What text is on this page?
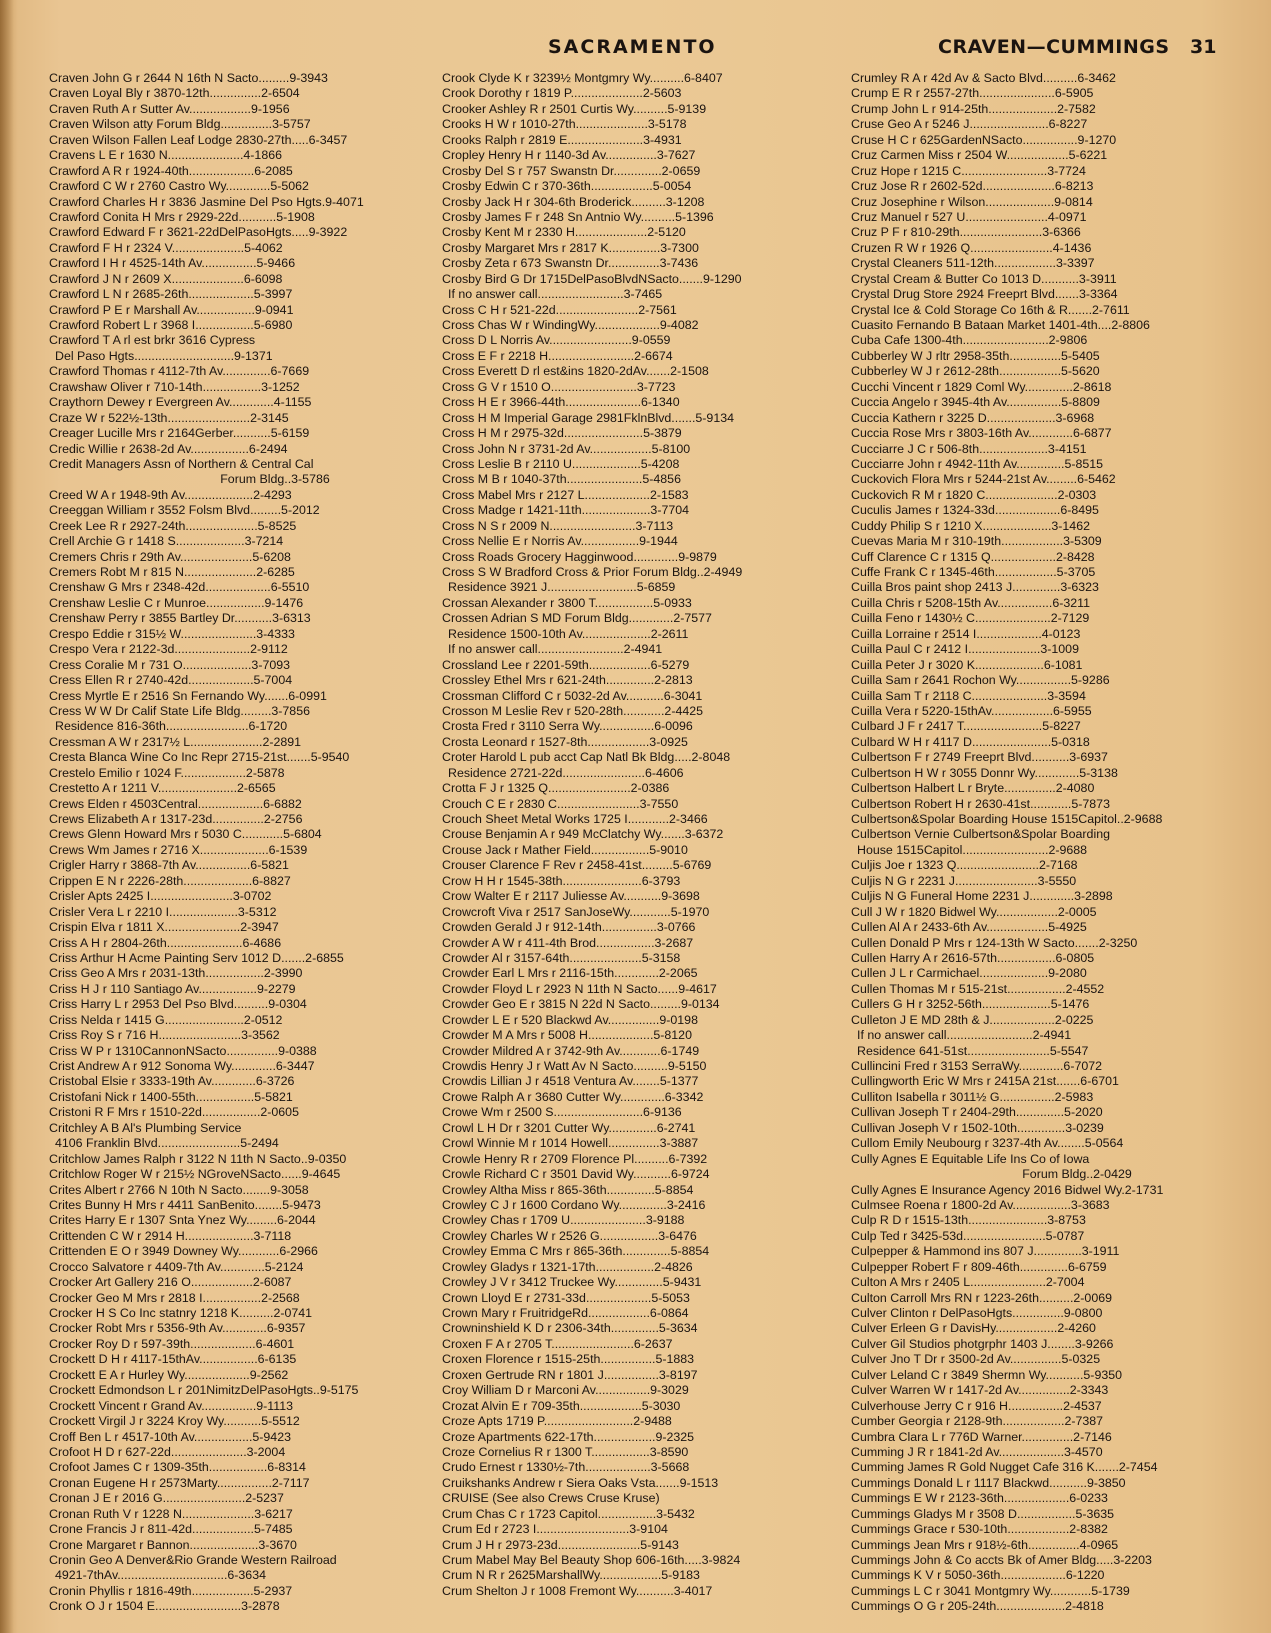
SACRAMENTO	CRAVEN—CUMMINGS 31
Craven John G r 2644 N 16th N Sacto.........9-3943
Craven Loyal Bly r 3870-12th...............2-6504
Craven Ruth A r Sutter Av..................9-1956
Craven Wilson atty Forum Bldg...............3-5757
Craven Wilson Fallen Leaf Lodge 2830-27th.....6-3457
Cravens L E r 1630 N......................4-1866
Crawford A R r 1924-40th...................6-2085
Crawford C W r 2760 Castro Wy.............5-5062
Crawford Charles H r 3836 Jasmine Del Pso Hgts.9-4071
Crawford Conita H Mrs r 2929-22d...........5-1908
Crawford Edward F r 3621-22dDelPasoHgts.....9-3922
Crawford F H r 2324 V.....................5-4062
Crawford I H r 4525-14th Av................5-9466
Crawford J N r 2609 X.....................6-6098
Crawford L N r 2685-26th...................5-3997
Crawford P E r Marshall Av.................9-0941
Crawford Robert L r 3968 I.................5-6980
Crawford T A rl est brkr 3616 Cypress
Del Paso Hgts.............................9-1371
Crawford Thomas r 4112-7th Av..............6-7669
Crawshaw Oliver r 710-14th.................3-1252
Craythorn Dewey r Evergreen Av.............4-1155
Craze W r 522½-13th........................2-3145
Creager Lucille Mrs r 2164Gerber...........5-6159
Credic Willie r 2638-2d Av.................6-2494
Credit Managers Assn of Northern & Central Cal
Forum Bldg..3-5786
Creed W A r 1948-9th Av....................2-4293
Creeggan William r 3552 Folsm Blvd.........5-2012
Creek Lee R r 2927-24th.....................5-8525
Crell Archie G r 1418 S....................3-7214
Cremers Chris r 29th Av.....................5-6208
Cremers Robt M r 815 N.....................2-6285
Crenshaw G Mrs r 2348-42d...................6-5510
Crenshaw Leslie C r Munroe.................9-1476
Crenshaw Perry r 3855 Bartley Dr...........3-6313
Crespo Eddie r 315½ W......................3-4333
Crespo Vera r 2122-3d......................2-9112
Cress Coralie M r 731 O....................3-7093
Cress Ellen R r 2740-42d...................5-7004
Cress Myrtle E r 2516 Sn Fernando Wy.......6-0991
Cress W W Dr Calif State Life Bldg.........3-7856
Residence 816-36th........................6-1720
Cressman A W r 2317½ L.....................2-2891
Cresta Blanca Wine Co Inc Repr 2715-21st.......5-9540
Crestelo Emilio r 1024 F...................2-5878
Crestetto A r 1211 V.......................2-6565
Crews Elden r 4503Central...................6-6882
Crews Elizabeth A r 1317-23d...............2-2756
Crews Glenn Howard Mrs r 5030 C............5-6804
Crews Wm James r 2716 X....................6-1539
Crigler Harry r 3868-7th Av................6-5821
Crippen E N r 2226-28th....................6-8827
Crisler Apts 2425 I........................3-0702
Crisler Vera L r 2210 I....................3-5312
Crispin Elva r 1811 X......................2-3947
Criss A H r 2804-26th......................6-4686
Criss Arthur H Acme Painting Serv 1012 D.......2-6855
Criss Geo A Mrs r 2031-13th.................2-3990
Criss H J r 110 Santiago Av.................9-2279
Criss Harry L r 2953 Del Pso Blvd..........9-0304
Criss Nelda r 1415 G.......................2-0512
Criss Roy S r 716 H........................3-3562
Criss W P r 1310CannonNSacto...............9-0388
Crist Andrew A r 912 Sonoma Wy.............6-3447
Cristobal Elsie r 3333-19th Av.............6-3726
Cristofani Nick r 1400-55th.................5-5821
Cristoni R F Mrs r 1510-22d.................2-0605
Critchley A B Al's Plumbing Service
4106 Franklin Blvd........................5-2494
Critchlow James Ralph r 3122 N 11th N Sacto..9-0350
Critchlow Roger W r 215½ NGroveNSacto......9-4645
Crites Albert r 2766 N 10th N Sacto........9-3058
Crites Bunny H Mrs r 4411 SanBenito........5-9473
Crites Harry E r 1307 Snta Ynez Wy.........6-2044
Crittenden C W r 2914 H....................3-7118
Crittenden E O r 3949 Downey Wy............6-2966
Crocco Salvatore r 4409-7th Av.............5-2124
Crocker Art Gallery 216 O..................2-6087
Crocker Geo M Mrs r 2818 I.................2-2568
Crocker H S Co Inc statnry 1218 K..........2-0741
Crocker Robt Mrs r 5356-9th Av.............6-9357
Crocker Roy D r 597-39th...................6-4601
Crockett D H r 4117-15thAv.................6-6135
Crockett E A r Hurley Wy...................9-2562
Crockett Edmondson L r 201NimitzDelPasoHgts..9-5175
Crockett Vincent r Grand Av................9-1113
Crockett Virgil J r 3224 Kroy Wy...........5-5512
Croff Ben L r 4517-10th Av.................5-9423
Crofoot H D r 627-22d......................3-2004
Crofoot James C r 1309-35th.................6-8314
Cronan Eugene H r 2573Marty................2-7117
Cronan J E r 2016 G........................2-5237
Cronan Ruth V r 1228 N.....................3-6217
Crone Francis J r 811-42d..................5-7485
Crone Margaret r Bannon....................3-3670
Cronin Geo A Denver&Rio Grande Western Railroad
4921-7thAv................................6-3634
Cronin Phyllis r 1816-49th..................5-2937
Cronk O J r 1504 E.........................3-2878
Crook Clyde K r 3239½ Montgmry Wy..........6-8407
Crook Dorothy r 1819 P.....................2-5603
Crooker Ashley R r 2501 Curtis Wy..........5-9139
Crooks H W r 1010-27th.....................3-5178
Crooks Ralph r 2819 E......................3-4931
Cropley Henry H r 1140-3d Av...............3-7627
Crosby Del S r 757 Swanstn Dr..............2-0659
Crosby Edwin C r 370-36th..................5-0054
Crosby Jack H r 304-6th Broderick..........3-1208
Crosby James F r 248 Sn Antnio Wy..........5-1396
Crosby Kent M r 2330 H.....................2-5120
Crosby Margaret Mrs r 2817 K...............3-7300
Crosby Zeta r 673 Swanstn Dr...............3-7436
Crosby Bird G Dr 1715DelPasoBlvdNSacto.......9-1290
If no answer call.........................3-7465
Cross C H r 521-22d........................2-7561
Cross Chas W r WindingWy...................9-4082
Cross D L Norris Av........................9-0559
Cross E F r 2218 H.........................2-6674
Cross Everett D rl est&ins 1820-2dAv.......2-1508
Cross G V r 1510 O.........................3-7723
Cross H E r 3966-44th......................6-1340
Cross H M Imperial Garage 2981FklnBlvd.......5-9134
Cross H M r 2975-32d.......................5-3879
Cross John N r 3731-2d Av..................5-8100
Cross Leslie B r 2110 U....................5-4208
Cross M B r 1040-37th......................5-4856
Cross Mabel Mrs r 2127 L...................2-1583
Cross Madge r 1421-11th....................3-7704
Cross N S r 2009 N.........................3-7113
Cross Nellie E r Norris Av.................9-1944
Cross Roads Grocery Hagginwood.............9-9879
Cross S W Bradford Cross & Prior Forum Bldg..2-4949
Residence 3921 J..........................5-6859
Crossan Alexander r 3800 T.................5-0933
Crossen Adrian S MD Forum Bldg.............2-7577
Residence 1500-10th Av....................2-2611
If no answer call.........................2-4941
Crossland Lee r 2201-59th..................6-5279
Crossley Ethel Mrs r 621-24th..............2-2813
Crossman Clifford C r 5032-2d Av...........6-3041
Crosson M Leslie Rev r 520-28th............2-4425
Crosta Fred r 3110 Serra Wy................6-0096
Crosta Leonard r 1527-8th..................3-0925
Croter Harold L pub acct Cap Natl Bk Bldg.....2-8048
Residence 2721-22d........................6-4606
Crotta F J r 1325 Q........................2-0386
Crouch C E r 2830 C........................3-7550
Crouch Sheet Metal Works 1725 I............2-3466
Crouse Benjamin A r 949 McClatchy Wy.......3-6372
Crouse Jack r Mather Field.................5-9010
Crouser Clarence F Rev r 2458-41st.........5-6769
Crow H H r 1545-38th.......................6-3793
Crow Walter E r 2117 Juliesse Av...........9-3698
Crowcroft Viva r 2517 SanJoseWy............5-1970
Crowden Gerald J r 912-14th................3-0766
Crowder A W r 411-4th Brod.................3-2687
Crowder Al r 3157-64th.....................5-3158
Crowder Earl L Mrs r 2116-15th.............2-2065
Crowder Floyd L r 2923 N 11th N Sacto......9-4617
Crowder Geo E r 3815 N 22d N Sacto.........9-0134
Crowder L E r 520 Blackwd Av...............9-0198
Crowder M A Mrs r 5008 H...................5-8120
Crowder Mildred A r 3742-9th Av............6-1749
Crowdis Henry J r Watt Av N Sacto..........9-5150
Crowdis Lillian J r 4518 Ventura Av........5-1377
Crowe Ralph A r 3680 Cutter Wy.............6-3342
Crowe Wm r 2500 S..........................6-9136
Crowl L H Dr r 3201 Cutter Wy..............6-2741
Crowl Winnie M r 1014 Howell...............3-3887
Crowle Henry R r 2709 Florence Pl..........6-7392
Crowle Richard C r 3501 David Wy...........6-9724
Crowley Altha Miss r 865-36th..............5-8854
Crowley C J r 1600 Cordano Wy..............3-2416
Crowley Chas r 1709 U......................3-9188
Crowley Charles W r 2526 G.................3-6476
Crowley Emma C Mrs r 865-36th..............5-8854
Crowley Gladys r 1321-17th.................2-4826
Crowley J V r 3412 Truckee Wy..............5-9431
Crown Lloyd E r 2731-33d...................5-5053
Crown Mary r FruitridgeRd..................6-0864
Crowninshield K D r 2306-34th..............5-3634
Croxen F A r 2705 T........................6-2637
Croxen Florence r 1515-25th................5-1883
Croxen Gertrude RN r 1801 J................3-8197
Croy William D r Marconi Av................9-3029
Crozat Alvin E r 709-35th..................5-3030
Croze Apts 1719 P..........................2-9488
Croze Apartments 622-17th..................9-2325
Croze Cornelius R r 1300 T.................3-8590
Crudo Ernest r 1330½-7th...................3-5668
Cruikshanks Andrew r Siera Oaks Vsta.......9-1513
CRUISE (See also Crews Cruse Kruse)
Crum Chas C r 1723 Capitol.................3-5432
Crum Ed r 2723 I...........................3-9104
Crum J H r 2973-23d........................5-9143
Crum Mabel May Bel Beauty Shop 606-16th.....3-9824
Crum N R r 2625MarshallWy..................5-9183
Crum Shelton J r 1008 Fremont Wy...........3-4017
Crumley R A r 42d Av & Sacto Blvd..........6-3462
Crump E R r 2557-27th......................6-5905
Crump John L r 914-25th....................2-7582
Cruse Geo A r 5246 J.......................6-8227
Cruse H C r 625GardenNSacto................9-1270
Cruz Carmen Miss r 2504 W..................5-6221
Cruz Hope r 1215 C.........................3-7724
Cruz Jose R r 2602-52d.....................6-8213
Cruz Josephine r Wilson....................9-0814
Cruz Manuel r 527 U........................4-0971
Cruz P F r 810-29th........................3-6366
Cruzen R W r 1926 Q........................4-1436
Crystal Cleaners 511-12th..................3-3397
Crystal Cream & Butter Co 1013 D...........3-3911
Crystal Drug Store 2924 Freeprt Blvd.......3-3364
Crystal Ice & Cold Storage Co 16th & R.......2-7611
Cuasito Fernando B Bataan Market 1401-4th....2-8806
Cuba Cafe 1300-4th.........................2-9806
Cubberley W J rltr 2958-35th...............5-5405
Cubberley W J r 2612-28th..................5-5620
Cucchi Vincent r 1829 Coml Wy..............2-8618
Cuccia Angelo r 3945-4th Av................5-8809
Cuccia Kathern r 3225 D....................3-6968
Cuccia Rose Mrs r 3803-16th Av.............6-6877
Cucciarre J C r 506-8th....................3-4151
Cucciarre John r 4942-11th Av..............5-8515
Cuckovich Flora Mrs r 5244-21st Av.........6-5462
Cuckovich R M r 1820 C.....................2-0303
Cuculis James r 1324-33d...................6-8495
Cuddy Philip S r 1210 X....................3-1462
Cuevas Maria M r 310-19th..................3-5309
Cuff Clarence C r 1315 Q...................2-8428
Cuffe Frank C r 1345-46th..................5-3705
Cuilla Bros paint shop 2413 J..............3-6323
Cuilla Chris r 5208-15th Av................6-3211
Cuilla Feno r 1430½ C......................2-7129
Cuilla Lorraine r 2514 I...................4-0123
Cuilla Paul C r 2412 I.....................3-1009
Cuilla Peter J r 3020 K....................6-1081
Cuilla Sam r 2641 Rochon Wy................5-9286
Cuilla Sam T r 2118 C......................3-3594
Cuilla Vera r 5220-15thAv..................6-5955
Culbard J F r 2417 T.......................5-8227
Culbard W H r 4117 D.......................5-0318
Culbertson F r 2749 Freeprt Blvd...........3-6937
Culbertson H W r 3055 Donnr Wy.............5-3138
Culbertson Halbert L r Bryte...............2-4080
Culbertson Robert H r 2630-41st............5-7873
Culbertson&Spolar Boarding House 1515Capitol..2-9688
Culbertson Vernie Culbertson&Spolar Boarding
House 1515Capitol.........................2-9688
Culjis Joe r 1323 Q........................2-7168
Culjis N G r 2231 J........................3-5550
Culjis N G Funeral Home 2231 J.............3-2898
Cull J W r 1820 Bidwel Wy..................2-0005
Cullen Al A r 2433-6th Av..................5-4925
Cullen Donald P Mrs r 124-13th W Sacto.......2-3250
Cullen Harry A r 2616-57th.................6-0805
Cullen J L r Carmichael....................9-2080
Cullen Thomas M r 515-21st.................2-4552
Cullers G H r 3252-56th....................5-1476
Culleton J E MD 28th & J...................2-0225
If no answer call.........................2-4941
Residence 641-51st........................5-5547
Cullincini Fred r 3153 SerraWy.............6-7072
Cullingworth Eric W Mrs r 2415A 21st.......6-6701
Culliton Isabella r 3011½ G................2-5983
Cullivan Joseph T r 2404-29th..............5-2020
Cullivan Joseph V r 1502-10th..............3-0239
Cullom Emily Neubourg r 3237-4th Av........5-0564
Cully Agnes E Equitable Life Ins Co of Iowa
Forum Bldg..2-0429
Cully Agnes E Insurance Agency 2016 Bidwel Wy.2-1731
Culmsee Roena r 1800-2d Av.................3-3683
Culp R D r 1515-13th.......................3-8753
Culp Ted r 3425-53d........................5-0787
Culpepper & Hammond ins 807 J..............3-1911
Culpepper Robert F r 809-46th..............6-6759
Culton A Mrs r 2405 L......................2-7004
Culton Carroll Mrs RN r 1223-26th..........2-0069
Culver Clinton r DelPasoHgts...............9-0800
Culver Erleen G r DavisHy..................2-4260
Culver Gil Studios photgrphr 1403 J........3-9266
Culver Jno T Dr r 3500-2d Av...............5-0325
Culver Leland C r 3849 Shermn Wy...........5-9350
Culver Warren W r 1417-2d Av...............2-3343
Culverhouse Jerry C r 916 H................2-4537
Cumber Georgia r 2128-9th..................2-7387
Cumbra Clara L r 776D Warner...............2-7146
Cumming J R r 1841-2d Av...................3-4570
Cumming James R Gold Nugget Cafe 316 K.......2-7454
Cummings Donald L r 1117 Blackwd...........9-3850
Cummings E W r 2123-36th...................6-0233
Cummings Gladys M r 3508 D.................5-3635
Cummings Grace r 530-10th..................2-8382
Cummings Jean Mrs r 918½-6th...............4-0965
Cummings John & Co accts Bk of Amer Bldg.....3-2203
Cummings K V r 5050-36th...................6-1220
Cummings L C r 3041 Montgmry Wy............5-1739
Cummings O G r 205-24th....................2-4818
